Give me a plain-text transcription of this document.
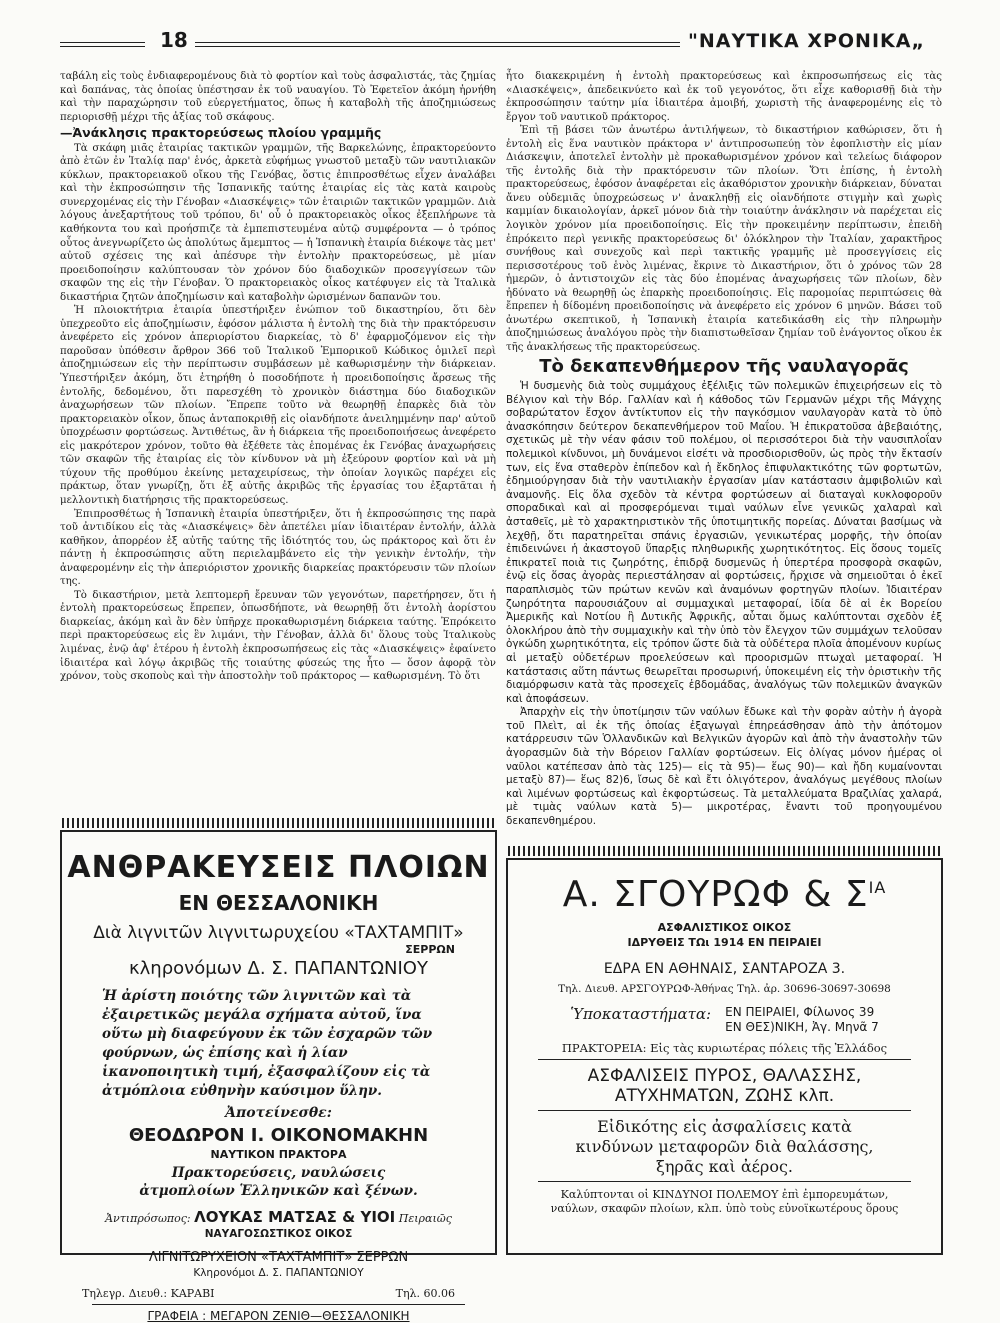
18	"ΝΑΥΤΙΚΑ ΧΡΟΝΙΚΑ„

ταβάλη εἰς τοὺς ἐνδιαφερομένους διὰ τὸ φορτίον καὶ τοὺς ἀσφαλιστάς, τὰς ζημίας καὶ δαπάνας, τὰς ὁποίας ὑπέστησαν ἐκ τοῦ ναυαγίου. Τὸ Ἐφετεῖον ἀκόμη ἠρνήθη καὶ τὴν παραχώρησιν τοῦ εὐεργετήματος, ὅπως ἡ καταβολὴ τῆς ἀποζημιώσεως περιορισθῇ μέχρι τῆς ἀξίας τοῦ σκάφους.

—Ἀνάκλησις πρακτορεύσεως πλοίου γραμμῆς

Τὰ σκάφη μιᾶς ἑταιρίας τακτικῶν γραμμῶν, τῆς Βαρκελώνης, ἐπρακτορεύοντο ἀπὸ ἐτῶν ἐν Ἰταλίᾳ παρ' ἑνός, ἀρκετὰ εὐφήμως γνωστοῦ μεταξὺ τῶν ναυτιλιακῶν κύκλων, πρακτορειακοῦ οἴκου τῆς Γενόβας, ὅστις ἐπιπροσθέτως εἶχεν ἀναλάβει καὶ τὴν ἐκπροσώπησιν τῆς Ἱσπανικῆς ταύτης ἑταιρίας εἰς τὰς κατὰ καιροὺς συνερχομένας εἰς τὴν Γένοβαν «Διασκέψεις» τῶν ἑταιριῶν τακτικῶν γραμμῶν. Διὰ λόγους ἀνεξαρτήτους τοῦ τρόπου, δι' οὗ ὁ πρακτορειακὸς οἶκος ἐξεπλήρωνε τὰ καθήκοντα του καὶ προήσπιζε τὰ ἐμπεπιστευμένα αὐτῷ συμφέροντα — ὁ τρόπος οὗτος ἀνεγνωρίζετο ὡς ἀπολύτως ἄμεμπτος — ἡ Ἱσπανικὴ ἑταιρία διέκοψε τὰς μετ' αὐτοῦ σχέσεις της καὶ ἀπέσυρε τὴν ἐντολὴν πρακτορεύσεως, μὲ μίαν προειδοποίησιν καλύπτουσαν τὸν χρόνον δύο διαδοχικῶν προσεγγίσεων τῶν σκαφῶν της εἰς τὴν Γένοβαν. Ὁ πρακτορειακὸς οἶκος κατέφυγεν εἰς τὰ Ἰταλικὰ δικαστήρια ζητῶν ἀποζημίωσιν καὶ καταβολὴν ὡρισμένων δαπανῶν του.

Ἡ πλοιοκτήτρια ἑταιρία ὑπεστήριξεν ἐνώπιον τοῦ δικαστηρίου, ὅτι δὲν ὑπεχρεοῦτο εἰς ἀποζημίωσιν, ἐφόσον μάλιστα ἡ ἐντολὴ της διὰ τὴν πρακτόρευσιν ἀνεφέρετο εἰς χρόνον ἀπεριορίστου διαρκείας, τὸ δ' ἐφαρμοζόμενον εἰς τὴν παροῦσαν ὑπόθεσιν ἄρθρον 366 τοῦ Ἰταλικοῦ Ἐμπορικοῦ Κώδικος ὁμιλεῖ περὶ ἀποζημιώσεων εἰς τὴν περίπτωσιν συμβάσεων μὲ καθωρισμένην τὴν διάρκειαν. Ὑπεστήριξεν ἀκόμη, ὅτι ἐτηρήθη ὁ ποσοδήποτε ἡ προειδοποίησις ἄρσεως τῆς ἐντολῆς, δεδομένου, ὅτι παρεσχέθη τὸ χρονικὸν διάστημα δύο διαδοχικῶν ἀναχωρήσεων τῶν πλοίων. Ἔπρεπε τοῦτο νὰ θεωρηθῇ ἐπαρκὲς διὰ τὸν πρακτορειακὸν οἶκον, ὅπως ἀνταποκριθῇ εἰς οἱανδήποτε ἀνειλημμένην παρ' αὐτοῦ ὑποχρέωσιν φορτώσεως. Ἀντιθέτως, ἂν ἡ διάρκεια τῆς προειδοποιήσεως ἀνεφέρετο εἰς μακρότερον χρόνον, τοῦτο θὰ ἐξέθετε τὰς ἑπομένας ἐκ Γενόβας ἀναχωρήσεις τῶν σκαφῶν τῆς ἑταιρίας εἰς τὸν κίνδυνον νὰ μὴ ἐξεύρουν φορτίον καὶ νὰ μὴ τύχουν τῆς προθύμου ἐκείνης μεταχειρίσεως, τὴν ὁποίαν λογικῶς παρέχει εἰς πράκτωρ, ὅταν γνωρίζῃ, ὅτι ἐξ αὐτῆς ἀκριβῶς τῆς ἐργασίας του ἐξαρτᾶται ἡ μελλοντικὴ διατήρησις τῆς πρακτορεύσεως.

Ἐπιπροσθέτως ἡ Ἱσπανικὴ ἑταιρία ὑπεστήριξεν, ὅτι ἡ ἐκπροσώπησις της παρὰ τοῦ ἀντιδίκου εἰς τὰς «Διασκέψεις» δὲν ἀπετέλει μίαν ἰδιαιτέραν ἐντολήν, ἀλλὰ καθῆκον, ἀπορρέον ἐξ αὐτῆς ταύτης τῆς ἰδιότητός του, ὡς πράκτορος καὶ ὅτι ἐν πάντῃ ἡ ἐκπροσώπησις αὕτη περιελαμβάνετο εἰς τὴν γενικὴν ἐντολήν, τὴν ἀναφερομένην εἰς τὴν ἀπεριόριστον χρονικῆς διαρκείας πρακτόρευσιν τῶν πλοίων της.

Τὸ δικαστήριον, μετὰ λεπτομερῆ ἔρευναν τῶν γεγονότων, παρετήρησεν, ὅτι ἡ ἐντολὴ πρακτορεύσεως ἔπρεπεν, ὁπωσδήποτε, νὰ θεωρηθῇ ὅτι ἐντολὴ ἀορίστου διαρκείας, ἀκόμη καὶ ἂν δὲν ὑπῆρχε προκαθωρισμένη διάρκεια ταύτης. Ἐπρόκειτο περὶ πρακτορεύσεως εἰς ἓν λιμάνι, τὴν Γένοβαν, ἀλλὰ δι' ὅλους τοὺς Ἰταλικοὺς λιμένας, ἐνῷ ἀφ' ἑτέρου ἡ ἐντολὴ ἐκπροσωπήσεως εἰς τὰς «Διασκέψεις» ἐφαίνετο ἰδιαιτέρα καὶ λόγῳ ἀκριβῶς τῆς τοιαύτης φύσεώς της ἦτο — ὅσον ἀφορᾷ τὸν χρόνον, τοὺς σκοποὺς καὶ τὴν ἀποστολὴν τοῦ πράκτορος — καθωρισμένη. Τὸ ὅτι

ἦτο διακεκριμένη ἡ ἐντολὴ πρακτορεύσεως καὶ ἐκπροσωπήσεως εἰς τὰς «Διασκέψεις», ἀπεδεικνύετο καὶ ἐκ τοῦ γεγονότος, ὅτι εἶχε καθορισθῇ διὰ τὴν ἐκπροσώπησιν ταύτην μία ἰδιαιτέρα ἀμοιβή, χωριστὴ τῆς ἀναφερομένης εἰς τὸ ἔργον τοῦ ναυτικοῦ πράκτορος.

Ἐπὶ τῇ βάσει τῶν ἀνωτέρω ἀντιλήψεων, τὸ δικαστήριον καθώρισεν, ὅτι ἡ ἐντολὴ εἰς ἕνα ναυτικὸν πράκτορα ν' ἀντιπροσωπεύῃ τὸν ἐφοπλιστὴν εἰς μίαν Διάσκεψιν, ἀποτελεῖ ἐντολὴν μὲ προκαθωρισμένον χρόνον καὶ τελείως διάφορον τῆς ἐντολῆς διὰ τὴν πρακτόρευσιν τῶν πλοίων. Ὅτι ἐπίσης, ἡ ἐντολὴ πρακτορεύσεως, ἐφόσον ἀναφέρεται εἰς ἀκαθόριστον χρονικὴν διάρκειαν, δύναται ἄνευ οὐδεμιᾶς ὑποχρεώσεως ν' ἀνακληθῇ εἰς οἱανδήποτε στιγμὴν καὶ χωρὶς καμμίαν δικαιολογίαν, ἀρκεῖ μόνον διὰ τὴν τοιαύτην ἀνάκλησιν νὰ παρέχεται εἰς λογικὸν χρόνον μία προειδοποίησις. Εἰς τὴν προκειμένην περίπτωσιν, ἐπειδὴ ἐπρόκειτο περὶ γενικῆς πρακτορεύσεως δι' ὁλόκληρον τὴν Ἰταλίαν, χαρακτῆρος συνήθους καὶ συνεχοῦς καὶ περὶ τακτικῆς γραμμῆς μὲ προσεγγίσεις εἰς περισσοτέρους τοῦ ἑνὸς λιμένας, ἔκρινε τὸ Δικαστήριον, ὅτι ὁ χρόνος τῶν 28 ἡμερῶν, ὁ ἀντιστοιχῶν εἰς τὰς δύο ἑπομένας ἀναχωρήσεις τῶν πλοίων, δὲν ἠδύνατο νὰ θεωρηθῇ ὡς ἐπαρκὴς προειδοποίησις. Εἰς παρομοίας περιπτώσεις θὰ ἔπρεπεν ἡ δίδομένη προειδοποίησις νὰ ἀνεφέρετο εἰς χρόνον 6 μηνῶν. Βάσει τοῦ ἀνωτέρω σκεπτικοῦ, ἡ Ἱσπανικὴ ἑταιρία κατεδικάσθη εἰς τὴν πληρωμὴν ἀποζημιώσεως ἀναλόγου πρὸς τὴν διαπιστωθεῖσαν ζημίαν τοῦ ἐνάγοντος οἴκου ἐκ τῆς ἀνακλήσεως τῆς πρακτορεύσεως.

Τὸ δεκαπενθήμερον τῆς ναυλαγορᾶς

Ἡ δυσμενὴς διὰ τοὺς συμμάχους ἐξέλιξις τῶν πολεμικῶν ἐπιχειρήσεων εἰς τὸ Βέλγιον καὶ τὴν Βόρ. Γαλλίαν καὶ ἡ κάθοδος τῶν Γερμανῶν μέχρι τῆς Μάγχης σοβαρώτατον ἔσχον ἀντίκτυπον εἰς τὴν παγκόσμιον ναυλαγορὰν κατὰ τὸ ὑπὸ ἀνασκόπησιν δεύτερον δεκαπενθήμερον τοῦ Μαΐου. Ἡ ἐπικρατοῦσα ἀβεβαιότης, σχετικῶς μὲ τὴν νέαν φάσιν τοῦ πολέμου, οἱ περισσότεροι διὰ τὴν ναυσιπλοΐαν πολεμικοὶ κίνδυνοι, μὴ δυνάμενοι εἰσέτι νὰ προσδιορισθοῦν, ὡς πρὸς τὴν ἔκτασίν των, εἰς ἕνα σταθερὸν ἐπίπεδον καὶ ἡ ἔκδηλος ἐπιφυλακτικότης τῶν φορτωτῶν, ἐδημιούργησαν διὰ τὴν ναυτιλιακὴν ἐργασίαν μίαν κατάστασιν ἀμφιβολιῶν καὶ ἀναμονῆς. Εἰς ὅλα σχεδὸν τὰ κέντρα φορτώσεων αἱ διαταγαὶ κυκλοφοροῦν σποραδικαὶ καὶ αἱ προσφερόμεναι τιμαὶ ναύλων εἶνε γενικῶς χαλαραὶ καὶ ἀσταθεῖς, μὲ τὸ χαρακτηριστικὸν τῆς ὑποτιμητικῆς πορείας. Δύναται βασίμως νὰ λεχθῇ, ὅτι παρατηρεῖται σπάνις ἐργασιῶν, γενικωτέρας μορφῆς, τὴν ὁποίαν ἐπιδεινώνει ἡ ἀκαστογοῦ ὕπαρξις πληθωρικῆς χωρητικότητος. Εἰς ὅσους τομεῖς ἐπικρατεῖ ποιὰ τις ζωηρότης, ἐπιδρᾷ δυσμενῶς ἡ ὑπερτέρα προσφορὰ σκαφῶν, ἐνῷ εἰς ὅσας ἀγορὰς περιεστάλησαν αἱ φορτώσεις, ἤρχισε νὰ σημειοῦται ὁ ἐκεῖ παραπλισμὸς τῶν πρώτων κενῶν καὶ ἀναμόνων φορτηγῶν πλοίων. Ἰδιαιτέραν ζωηρότητα παρουσιάζουν αἱ συμμαχικαὶ μεταφοραί, ἰδία δὲ αἱ ἐκ Βορείου Ἀμερικῆς καὶ Νοτίου ἢ Δυτικῆς Ἀφρικῆς, αὗται ὅμως καλύπτονται σχεδὸν ἐξ ὁλοκλήρου ἀπὸ τὴν συμμαχικὴν καὶ τὴν ὑπὸ τὸν ἔλεγχον τῶν συμμάχων τελοῦσαν ὀγκώδη χωρητικότητα, εἰς τρόπον ὥστε διὰ τὰ οὐδέτερα πλοῖα ἀπομένουν κυρίως αἱ μεταξὺ οὐδετέρων προελεύσεων καὶ προορισμῶν πτωχαὶ μεταφοραί. Ἡ κατάστασις αὕτη πάντως θεωρεῖται προσωρινή, ὑποκειμένη εἰς τὴν ὁριστικὴν τῆς διαμόρφωσιν κατὰ τὰς προσεχεῖς ἑβδομάδας, ἀναλόγως τῶν πολεμικῶν ἀναγκῶν καὶ ἀποφάσεων.

Ἀπαρχὴν εἰς τὴν ὑποτίμησιν τῶν ναύλων ἔδωκε καὶ τὴν φορὰν αὐτὴν ἡ ἀγορὰ τοῦ Πλεὶτ, αἱ ἐκ τῆς ὁποίας ἐξαγωγαὶ ἐπηρεάσθησαν ἀπὸ τὴν ἀπότομον κατάρρευσιν τῶν Ὁλλανδικῶν καὶ Βελγικῶν ἀγορῶν καὶ ἀπὸ τὴν ἀναστολὴν τῶν ἀγορασμῶν διὰ τὴν Βόρειον Γαλλίαν φορτώσεων. Εἰς ὀλίγας μόνον ἡμέρας οἱ ναῦλοι κατέπεσαν ἀπὸ τὰς 125)— εἰς τὰ 95)— ἕως 90)— καὶ ἤδη κυμαίνονται μεταξὺ 87)— ἕως 82)6, ἴσως δὲ καὶ ἔτι ὀλιγότερον, ἀναλόγως μεγέθους πλοίων καὶ λιμένων φορτώσεως καὶ ἐκφορτώσεως. Τὰ μεταλλεύματα Βραζιλίας χαλαρά, μὲ τιμὰς ναύλων κατὰ 5)— μικροτέρας, ἔναντι τοῦ προηγουμένου δεκαπενθημέρου.

ΑΝΘΡΑΚΕΥΣΕΙΣ ΠΛΟΙΩΝ
ΕΝ ΘΕΣΣΑΛΟΝΙΚΗ
Διὰ λιγνιτῶν λιγνιτωρυχείου «ΤΑΧΤΑΜΠΙΤ»
ΣΕΡΡΩΝ
κληρονόμων Δ. Σ. ΠΑΠΑΝΤΩΝΙΟΥ
Ἡ ἀρίστη ποιότης τῶν λιγνιτῶν καὶ τὰ ἐξαιρετικῶς μεγάλα σχήματα αὐτοῦ, ἵνα οὕτω μὴ διαφεύγουν ἐκ τῶν ἐσχαρῶν τῶν φούρνων, ὡς ἐπίσης καὶ ἡ λίαν ἱκανοποιητικὴ τιμή, ἐξασφαλίζουν εἰς τὰ ἀτμόπλοια εὐθηνὴν καύσιμον ὕλην.
Ἀποτείνεσθε:
ΘΕΟΔΩΡΟΝ Ι. ΟΙΚΟΝΟΜΑΚΗΝ
ΝΑΥΤΙΚΟΝ ΠΡΑΚΤΟΡΑ
Πρακτορεύσεις, ναυλώσεις ἀτμοπλοίων Ἑλληνικῶν καὶ ξένων.
Ἀντιπρόσωπος: ΛΟΥΚΑΣ ΜΑΤΣΑΣ & ΥΙΟΙ Πειραιῶς
ΝΑΥΑΓΟΣΩΣΤΙΚΟΣ ΟΙΚΟΣ
ΛΙΓΝΙΤΩΡΥΧΕΙΟΝ «ΤΑΧΤΑΜΠΙΤ» ΣΕΡΡΩΝ
Κληρονόμοι Δ. Σ. ΠΑΠΑΝΤΩΝΙΟΥ
Τηλεγρ. Διευθ.: ΚΑΡΑΒΙ	Τηλ. 60.06
ΓΡΑΦΕΙΑ : ΜΕΓΑΡΟΝ ΖΕΝΙΘ—ΘΕΣΣΑΛΟΝΙΚΗ
Α. ΣΓΟΥΡΩΦ & $\Sigma^{IA}$
ΑΣΦΑΛΙΣΤΙΚΟΣ ΟΙΚΟΣ
ΙΔΡΥΘΕΙΣ ΤΩι 1914 ΕΝ ΠΕΙΡΑΙΕΙ
ΕΔΡΑ ΕΝ ΑΘΗΝΑΙΣ, ΣΑΝΤΑΡΟΖΑ 3.
Τηλ. Διευθ. ΑΡΣΓΟΥΡΩΦ-Ἀθήνας Τηλ. ἀρ. 30696-30697-30698
Ὑποκαταστήματα: ΕΝ ΠΕΙΡΑΙΕΙ, Φίλωνος 39
ΕΝ ΘΕΣ)ΝΙΚΗ, Ἀγ. Μηνᾶ 7
ΠΡΑΚΤΟΡΕΙΑ: Εἰς τὰς κυριωτέρας πόλεις τῆς Ἑλλάδος
ΑΣΦΑΛΙΣΕΙΣ ΠΥΡΟΣ, ΘΑΛΑΣΣΗΣ,
ΑΤΥΧΗΜΑΤΩΝ, ΖΩΗΣ κλπ.
Εἰδικότης εἰς ἀσφαλίσεις κατὰ κινδύνων μεταφορῶν διὰ θαλάσσης, ξηρᾶς καὶ ἀέρος.
Καλύπτονται οἱ ΚΙΝΔΥΝΟΙ ΠΟΛΕΜΟΥ ἐπὶ ἐμπορευμάτων, ναύλων, σκαφῶν πλοίων, κλπ. ὑπὸ τοὺς εὐνοϊκωτέρους ὅρους
